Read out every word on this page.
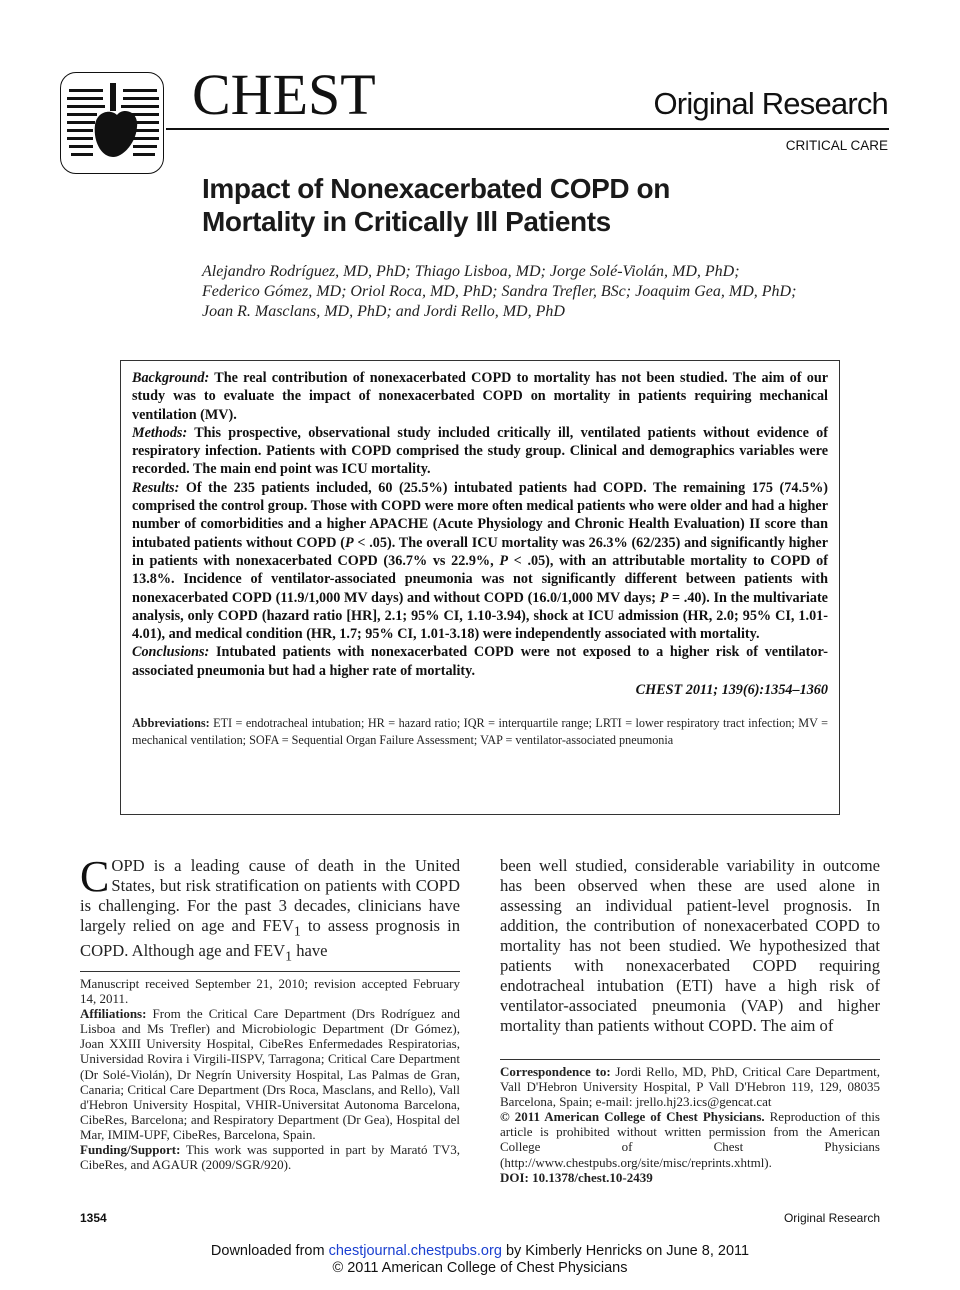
CHEST	Original Research
CRITICAL CARE
Impact of Nonexacerbated COPD on
Mortality in Critically Ill Patients
Alejandro Rodríguez, MD, PhD; Thiago Lisboa, MD; Jorge Solé-Violán, MD, PhD;
Federico Gómez, MD; Oriol Roca, MD, PhD; Sandra Trefler, BSc; Joaquim Gea, MD, PhD;
Joan R. Masclans, MD, PhD; and Jordi Rello, MD, PhD

Background: The real contribution of nonexacerbated COPD to mortality has not been studied. The aim of our study was to evaluate the impact of nonexacerbated COPD on mortality in patients requiring mechanical ventilation (MV).

Methods: This prospective, observational study included critically ill, ventilated patients without evidence of respiratory infection. Patients with COPD comprised the study group. Clinical and demographics variables were recorded. The main end point was ICU mortality.

Results: Of the 235 patients included, 60 (25.5%) intubated patients had COPD. The remaining 175 (74.5%) comprised the control group. Those with COPD were more often medical patients who were older and had a higher number of comorbidities and a higher APACHE (Acute Physiology and Chronic Health Evaluation) II score than intubated patients without COPD (P < .05). The overall ICU mortality was 26.3% (62/235) and significantly higher in patients with nonexacerbated COPD (36.7% vs 22.9%, P < .05), with an attributable mortality to COPD of 13.8%. Incidence of ventilator-associated pneumonia was not significantly different between patients with nonexacerbated COPD (11.9/1,000 MV days) and without COPD (16.0/1,000 MV days; P = .40). In the multivariate analysis, only COPD (hazard ratio [HR], 2.1; 95% CI, 1.10-3.94), shock at ICU admission (HR, 2.0; 95% CI, 1.01-4.01), and medical condition (HR, 1.7; 95% CI, 1.01-3.18) were independently associated with mortality.

Conclusions: Intubated patients with nonexacerbated COPD were not exposed to a higher risk of ventilator-associated pneumonia but had a higher rate of mortality.

CHEST 2011; 139(6):1354–1360

Abbreviations: ETI = endotracheal intubation; HR = hazard ratio; IQR = interquartile range; LRTI = lower respiratory tract infection; MV = mechanical ventilation; SOFA = Sequential Organ Failure Assessment; VAP = ventilator-associated pneumonia

COPD is a leading cause of death in the United States, but risk stratification on patients with COPD is challenging. For the past 3 decades, clinicians have largely relied on age and $FEV_1$ to assess prognosis in COPD. Although age and $FEV_1$ have
been well studied, considerable variability in outcome has been observed when these are used alone in assessing an individual patient-level prognosis. In addition, the contribution of nonexacerbated COPD to mortality has not been studied. We hypothesized that patients with nonexacerbated COPD requiring endotracheal intubation (ETI) have a high risk of ventilator-associated pneumonia (VAP) and higher mortality than patients without COPD. The aim of

Manuscript received September 21, 2010; revision accepted February 14, 2011.

Affiliations: From the Critical Care Department (Drs Rodríguez and Lisboa and Ms Trefler) and Microbiologic Department (Dr Gómez), Joan XXIII University Hospital, CibeRes Enfermedades Respiratorias, Universidad Rovira i Virgili-IISPV, Tarragona; Critical Care Department (Dr Solé-Violán), Dr Negrín University Hospital, Las Palmas de Gran, Canaria; Critical Care Department (Drs Roca, Masclans, and Rello), Vall d'Hebron University Hospital, VHIR-Universitat Autonoma Barcelona, CibeRes, Barcelona; and Respiratory Department (Dr Gea), Hospital del Mar, IMIM-UPF, CibeRes, Barcelona, Spain.

Funding/Support: This work was supported in part by Marató TV3, CibeRes, and AGAUR (2009/SGR/920).

Correspondence to: Jordi Rello, MD, PhD, Critical Care Department, Vall D'Hebron University Hospital, P Vall D'Hebron 119, 129, 08035 Barcelona, Spain; e-mail: jrello.hj23.ics@gencat.cat

© 2011 American College of Chest Physicians. Reproduction of this article is prohibited without written permission from the American College of Chest Physicians (http://www.chestpubs.org/site/misc/reprints.xhtml).

DOI: 10.1378/chest.10-2439

1354	Original Research
Downloaded from chestjournal.chestpubs.org by Kimberly Henricks on June 8, 2011
© 2011 American College of Chest Physicians
